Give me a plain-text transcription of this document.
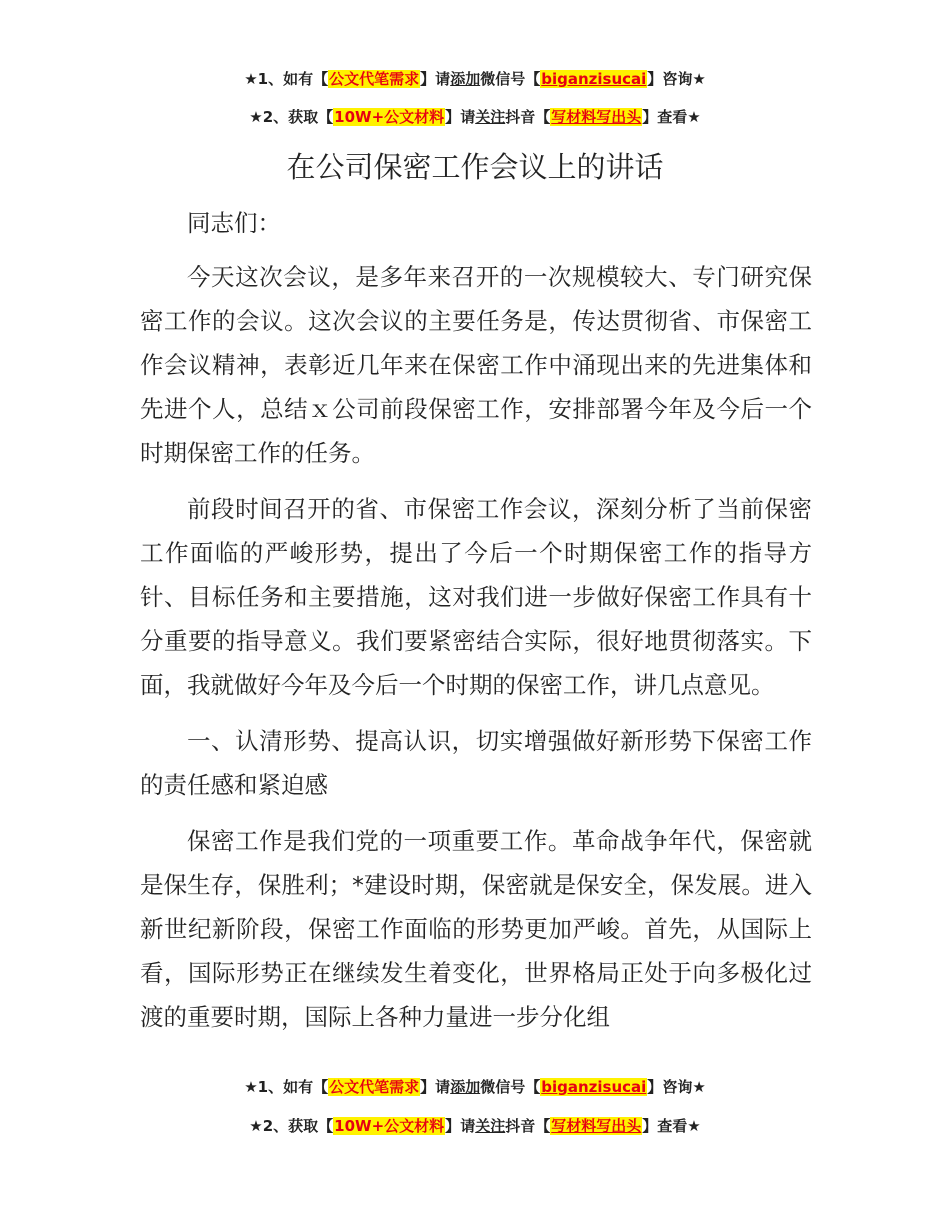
★1、如有【公文代笔需求】请添加微信号【biganzisucai】咨询★
★2、获取【10W+公文材料】请关注抖音【写材料写出头】查看★
在公司保密工作会议上的讲话

同志们：

今天这次会议，是多年来召开的一次规模较大、专门研究保密工作的会议。这次会议的主要任务是，传达贯彻省、市保密工作会议精神，表彰近几年来在保密工作中涌现出来的先进集体和先进个人，总结ｘ公司前段保密工作，安排部署今年及今后一个时期保密工作的任务。

前段时间召开的省、市保密工作会议，深刻分析了当前保密工作面临的严峻形势，提出了今后一个时期保密工作的指导方针、目标任务和主要措施，这对我们进一步做好保密工作具有十分重要的指导意义。我们要紧密结合实际，很好地贯彻落实。下面，我就做好今年及今后一个时期的保密工作，讲几点意见。

一、认清形势、提高认识，切实增强做好新形势下保密工作的责任感和紧迫感

保密工作是我们党的一项重要工作。革命战争年代，保密就是保生存，保胜利；*建设时期，保密就是保安全，保发展。进入新世纪新阶段，保密工作面临的形势更加严峻。首先，从国际上看，国际形势正在继续发生着变化，世界格局正处于向多极化过渡的重要时期，国际上各种力量进一步分化组

★1、如有【公文代笔需求】请添加微信号【biganzisucai】咨询★
★2、获取【10W+公文材料】请关注抖音【写材料写出头】查看★
